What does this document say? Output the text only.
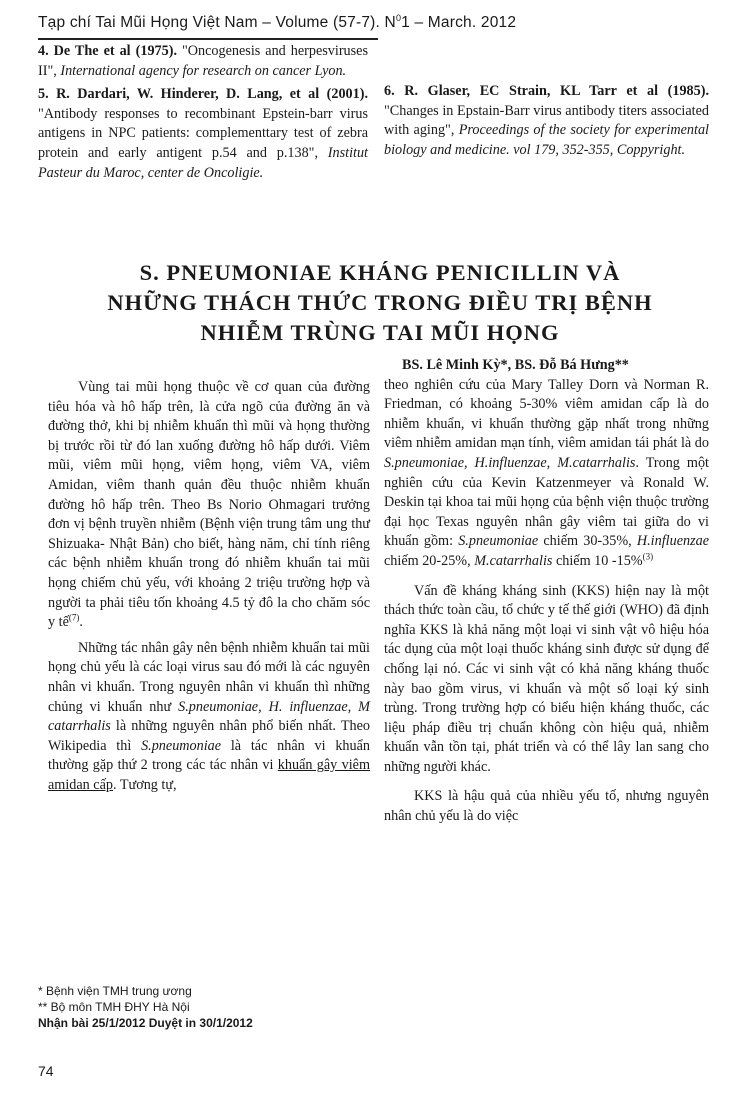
Tạp chí Tai Mũi Họng Việt Nam – Volume (57-7). $N^01$ – March. 2012

4. De The et al (1975). "Oncogenesis and herpesviruses II", International agency for research on cancer Lyon.

5. R. Dardari, W. Hinderer, D. Lang, et al (2001). "Antibody responses to recombinant Epstein-barr virus antigens in NPC patients: complementtary test of zebra protein and early antigent p.54 and p.138", Institut Pasteur du Maroc, center de Oncoligie.

6. R. Glaser, EC Strain, KL Tarr et al (1985). "Changes in Epstain-Barr virus antibody titers associated with aging", Proceedings of the society for experimental biology and medicine. vol 179, 352-355, Coppyright.

S. PNEUMONIAE KHÁNG PENICILLIN VÀ
NHỮNG THÁCH THỨC TRONG ĐIỀU TRỊ BỆNH
NHIỄM TRÙNG TAI MŨI HỌNG

Vùng tai mũi họng thuộc về cơ quan của đường tiêu hóa và hô hấp trên, là cửa ngõ của đường ăn và đường thở, khi bị nhiễm khuẩn thì mũi và họng thường bị trước rồi từ đó lan xuống đường hô hấp dưới. Viêm mũi, viêm mũi họng, viêm họng, viêm VA, viêm Amidan, viêm thanh quản đều thuộc nhiễm khuẩn đường hô hấp trên. Theo Bs Norio Ohmagari trưởng đơn vị bệnh truyền nhiễm (Bệnh viện trung tâm ung thư Shizuaka- Nhật Bản) cho biết, hàng năm, chỉ tính riêng các bệnh nhiễm khuẩn trong đó nhiễm khuẩn tai mũi họng chiếm chủ yếu, với khoảng 2 triệu trường hợp và người ta phải tiêu tốn khoảng 4.5 tỷ đô la cho chăm sóc y tế$^{(7)}$.

Những tác nhân gây nên bệnh nhiễm khuẩn tai mũi họng chủ yếu là các loại virus sau đó mới là các nguyên nhân vi khuẩn. Trong nguyên nhân vi khuẩn thì những chủng vi khuẩn như S.pneumoniae, H. influenzae, M catarrhalis là những nguyên nhân phổ biến nhất. Theo Wikipedia thì S.pneumoniae là tác nhân vi khuẩn thường gặp thứ 2 trong các tác nhân vi khuẩn gây viêm amidan cấp. Tương tự,

BS. Lê Minh Kỳ*, BS. Đỗ Bá Hưng**

theo nghiên cứu của Mary Talley Dorn và Norman R. Friedman, có khoảng 5-30% viêm amidan cấp là do nhiễm khuẩn, vi khuẩn thường gặp nhất trong những viêm nhiễm amidan mạn tính, viêm amidan tái phát là do S.pneumoniae, H.influenzae, M.catarrhalis. Trong một nghiên cứu của Kevin Katzenmeyer và Ronald W. Deskin tại khoa tai mũi họng của bệnh viện thuộc trường đại học Texas nguyên nhân gây viêm tai giữa do vi khuẩn gồm: S.pneumoniae chiếm 30-35%, H.influenzae chiếm 20-25%, M.catarrhalis chiếm 10 -15%$^{(3)}$

Vấn đề kháng kháng sinh (KKS) hiện nay là một thách thức toàn cầu, tổ chức y tế thế giới (WHO) đã định nghĩa KKS là khả năng một loại vi sinh vật vô hiệu hóa tác dụng của một loại thuốc kháng sinh được sử dụng để chống lại nó. Các vi sinh vật có khả năng kháng thuốc này bao gồm virus, vi khuẩn và một số loại ký sinh trùng. Trong trường hợp có biểu hiện kháng thuốc, các liệu pháp điều trị chuẩn không còn hiệu quả, nhiễm khuẩn vẫn tồn tại, phát triển và có thể lây lan sang cho những người khác.

KKS là hậu quả của nhiều yếu tố, nhưng nguyên nhân chủ yếu là do việc

* Bệnh viện TMH trung ương
** Bộ môn TMH ĐHY Hà Nội
Nhận bài 25/1/2012 Duyệt in 30/1/2012
74
